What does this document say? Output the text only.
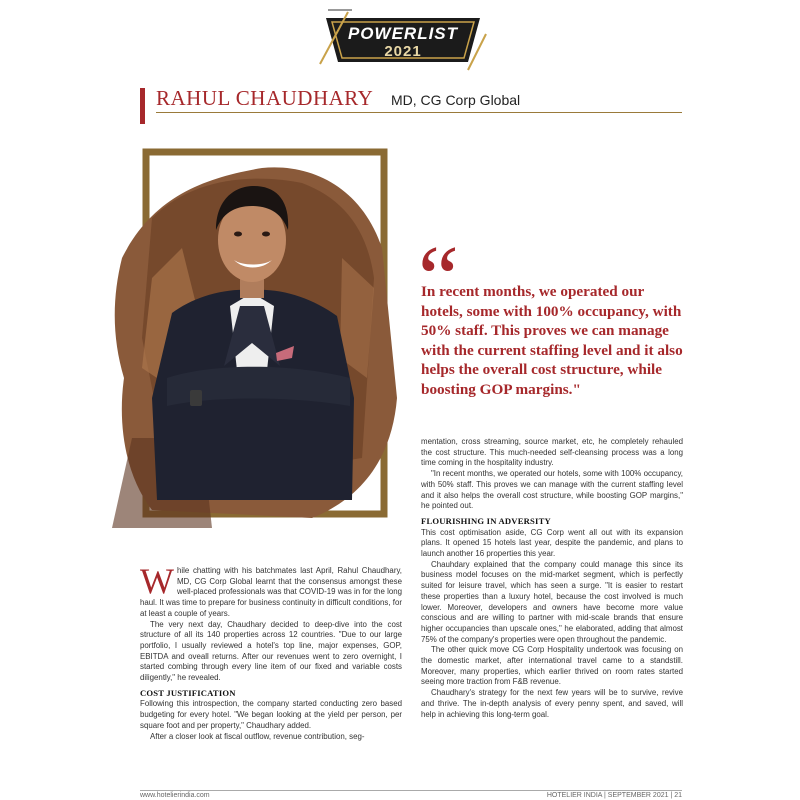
POWERLIST
2021
RAHUL CHAUDHARY MD, CG Corp Global
“
In recent months, we operated our hotels, some with 100% occupancy, with 50% staff. This proves we can manage with the current staffing level and it also helps the overall cost structure, while boosting GOP margins."

While chatting with his batchmates last April, Rahul Chaudhary, MD, CG Corp Global learnt that the consensus amongst these well-placed professionals was that COVID-19 was in for the long haul. It was time to prepare for business continuity in difficult conditions, for at least a couple of years.

The very next day, Chaudhary decided to deep-dive into the cost structure of all its 140 properties across 12 countries. "Due to our large portfolio, I usually reviewed a hotel's top line, major expenses, GOP, EBITDA and oveall returns. After our revenues went to zero overnight, I started combing through every line item of our fixed and variable costs diligently," he revealed.

COST JUSTIFICATION

Following this introspection, the company started conducting zero based budgeting for every hotel. "We began looking at the yield per person, per square foot and per property," Chaudhary added.

After a closer look at fiscal outflow, revenue contribution, seg-

mentation, cross streaming, source market, etc, he completely rehauled the cost structure. This much-needed self-cleansing process was a long time coming in the hospitality industry.

"In recent months, we operated our hotels, some with 100% occupancy, with 50% staff. This proves we can manage with the current staffing level and it also helps the overall cost structure, while boosting GOP margins," he pointed out.

FLOURISHING IN ADVERSITY

This cost optimisation aside, CG Corp went all out with its expansion plans. It opened 15 hotels last year, despite the pandemic, and plans to launch another 16 properties this year.

Chauhdary explained that the company could manage this since its business model focuses on the mid-market segment, which is perfectly suited for leisure travel, which has seen a surge. "It is easier to restart these properties than a luxury hotel, because the cost involved is much lower. Moreover, developers and owners have become more value conscious and are willing to partner with mid-scale brands that ensure higher occupancies than upscale ones," he elaborated, adding that almost 75% of the company's properties were open throughout the pandemic.

The other quick move CG Corp Hospitality undertook was focusing on the domestic market, after international travel came to a standstill. Moreover, many properties, which earlier thrived on room rates started seeing more traction from F&B revenue.

Chaudhary's strategy for the next few years will be to survive, revive and thrive. The in-depth analysis of every penny spent, and saved, will help in achieving this long-term goal.

www.hotelierindia.com	HOTELIER INDIA | SEPTEMBER 2021 | 21
